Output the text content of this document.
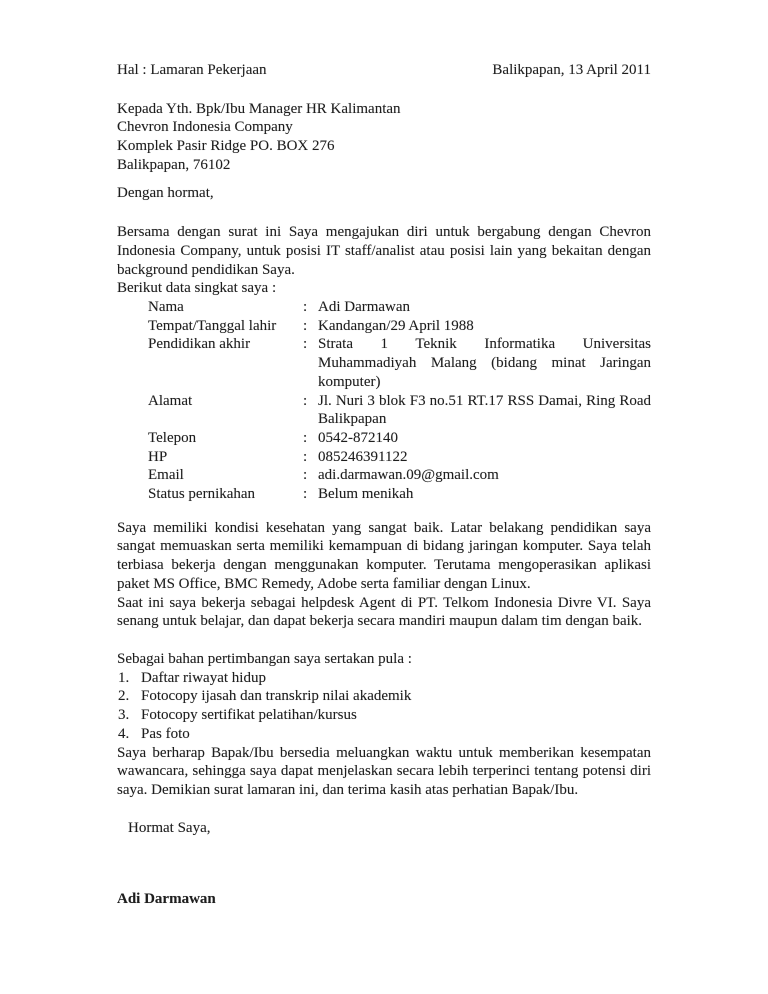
Hal : Lamaran Pekerjaan	Balikpapan, 13 April 2011
Kepada Yth. Bpk/Ibu Manager HR Kalimantan
Chevron Indonesia Company
Komplek Pasir Ridge PO. BOX 276
Balikpapan, 76102
Dengan hormat,

Bersama dengan surat ini Saya mengajukan diri untuk bergabung dengan Chevron Indonesia Company, untuk posisi IT staff/analist atau posisi lain yang bekaitan dengan background pendidikan Saya.

Berikut data singkat saya :
Nama	: Adi Darmawan
Tempat/Tanggal lahir	: Kandangan/29 April 1988
Pendidikan akhir	: Strata 1 Teknik Informatika Universitas Muhammadiyah Malang (bidang minat Jaringan komputer)
Alamat	: Jl. Nuri 3 blok F3 no.51 RT.17 RSS Damai, Ring Road Balikpapan
Telepon	: 0542-872140
HP	: 085246391122
Email	: adi.darmawan.09@gmail.com
Status pernikahan	: Belum menikah

Saya memiliki kondisi kesehatan yang sangat baik. Latar belakang pendidikan saya sangat memuaskan serta memiliki kemampuan di bidang jaringan komputer. Saya telah terbiasa bekerja dengan menggunakan komputer. Terutama mengoperasikan aplikasi paket MS Office, BMC Remedy, Adobe serta familiar dengan Linux.

Saat ini saya bekerja sebagai helpdesk Agent di PT. Telkom Indonesia Divre VI. Saya senang untuk belajar, dan dapat bekerja secara mandiri maupun dalam tim dengan baik.

Sebagai bahan pertimbangan saya sertakan pula :
1. Daftar riwayat hidup
2. Fotocopy ijasah dan transkrip nilai akademik
3. Fotocopy sertifikat pelatihan/kursus
4. Pas foto

Saya berharap Bapak/Ibu bersedia meluangkan waktu untuk memberikan kesempatan wawancara, sehingga saya dapat menjelaskan secara lebih terperinci tentang potensi diri saya. Demikian surat lamaran ini, dan terima kasih atas perhatian Bapak/Ibu.

Hormat Saya,
Adi Darmawan
